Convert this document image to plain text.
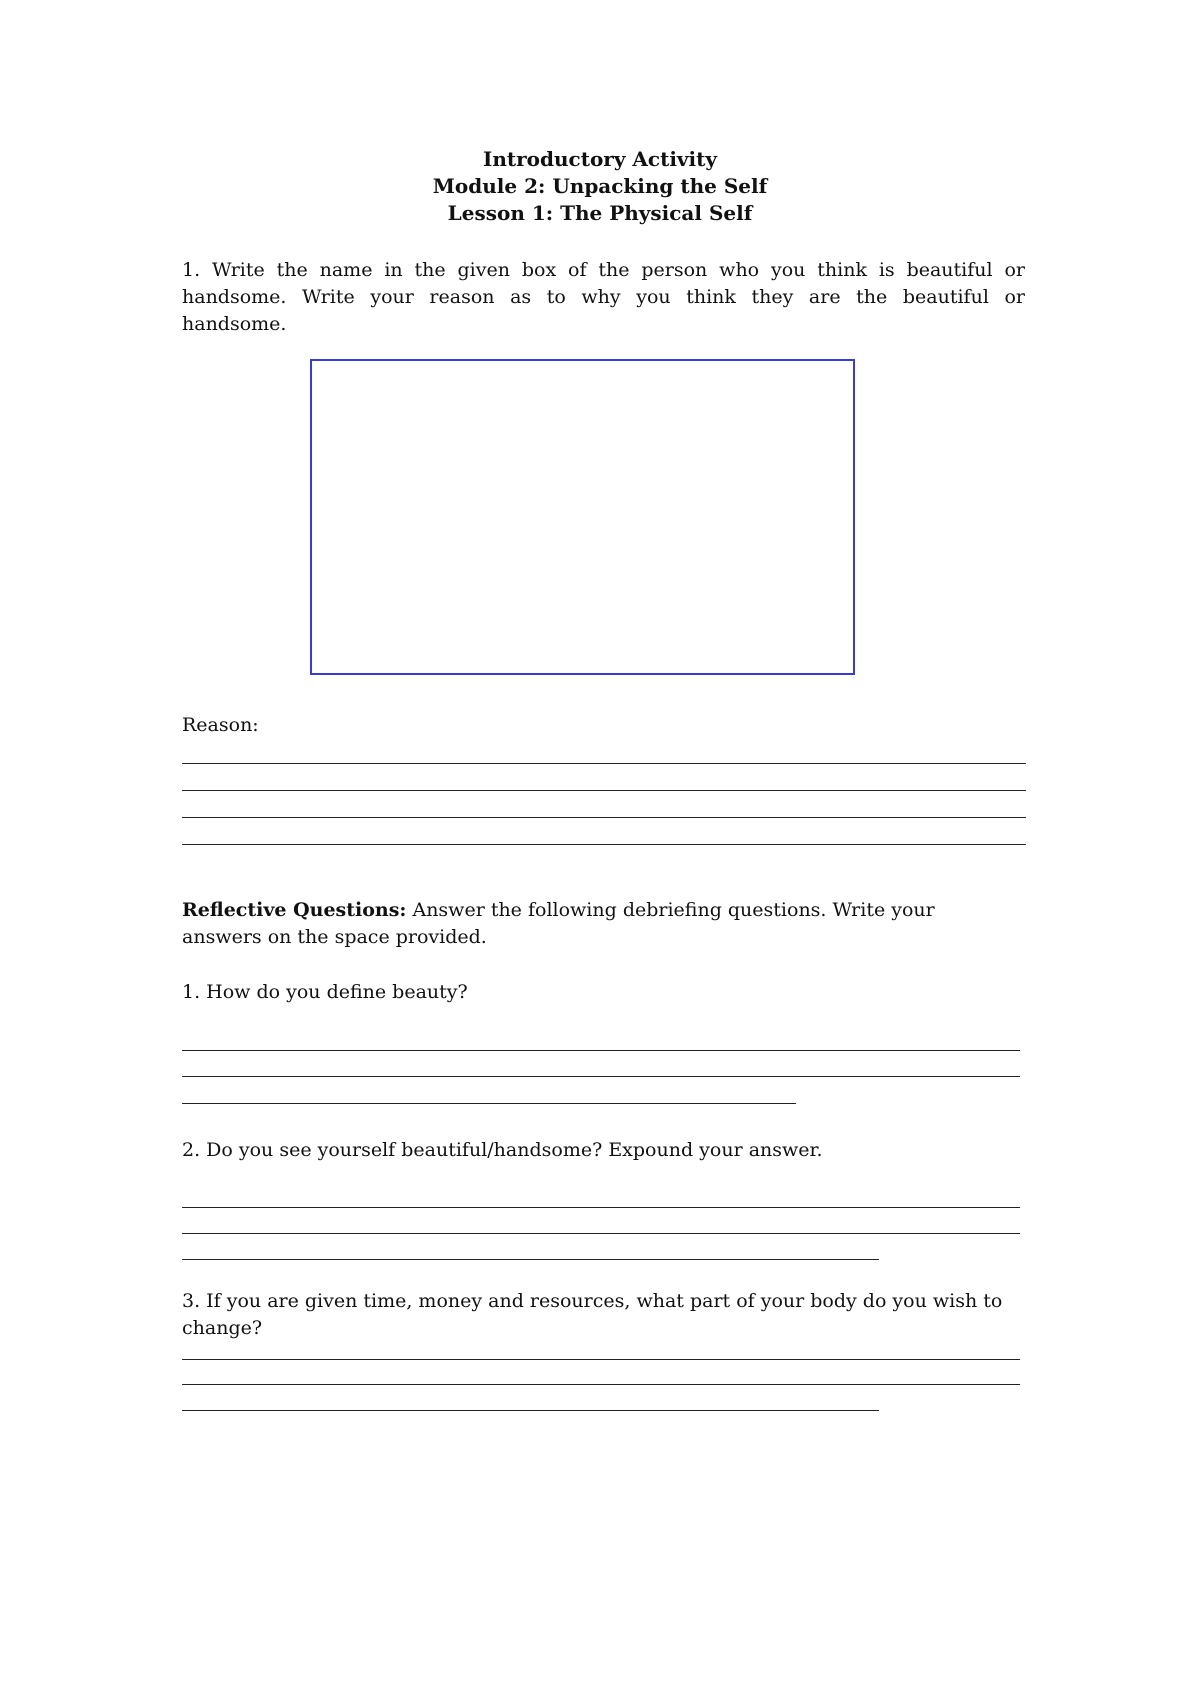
Introductory Activity
Module 2: Unpacking the Self
Lesson 1: The Physical Self
1. Write the name in the given box of the person who you think is beautiful or handsome. Write your reason as to why you think they are the beautiful or handsome.
Reason:
Reflective Questions: Answer the following debriefing questions. Write your answers on the space provided.
1. How do you define beauty?
2. Do you see yourself beautiful/handsome? Expound your answer.
3. If you are given time, money and resources, what part of your body do you wish to change?
